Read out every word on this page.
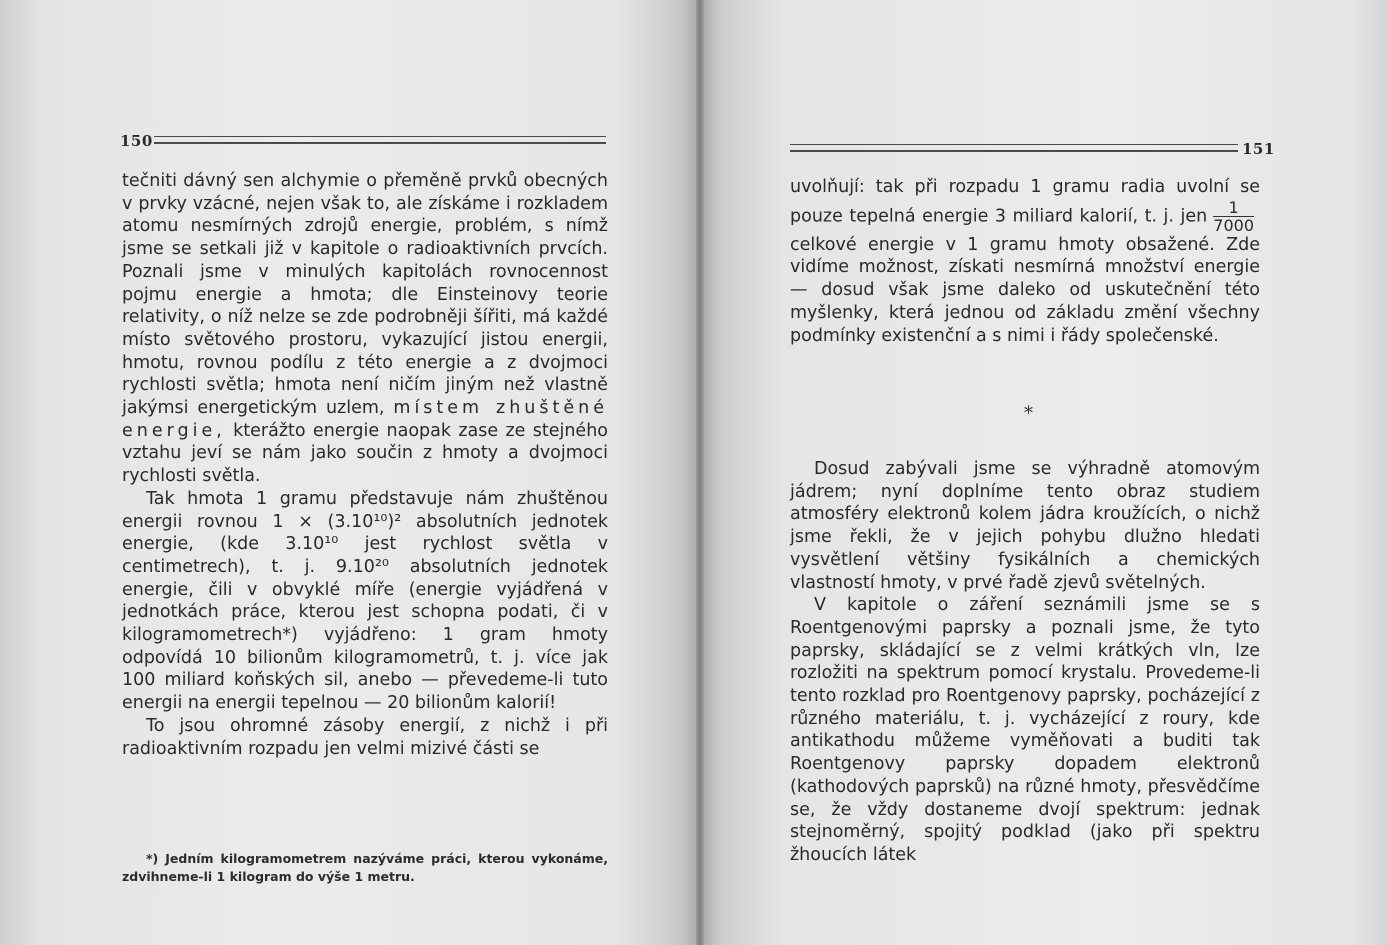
150

tečniti dávný sen alchymie o přeměně prvků obecných v prvky vzácné, nejen však to, ale získáme i rozkladem atomu nesmírných zdrojů energie, problém, s nímž jsme se setkali již v kapitole o radioaktivních prvcích. Poznali jsme v minulých kapitolách rovnocennost pojmu energie a hmota; dle Einsteinovy teorie relativity, o níž nelze se zde podrobněji šířiti, má každé místo světového prostoru, vykazující jistou energii, hmotu, rovnou podílu z této energie a z dvojmoci rychlosti světla; hmota není ničím jiným než vlastně jakýmsi energetickým uzlem, místem zhuštěné energie, kterážto energie naopak zase ze stejného vztahu jeví se nám jako součin z hmoty a dvojmoci rychlosti světla.

Tak hmota 1 gramu představuje nám zhuštěnou energii rovnou 1 × (3.10¹⁰)² absolutních jednotek energie, (kde 3.10¹⁰ jest rychlost světla v centimetrech), t. j. 9.10²⁰ absolutních jednotek energie, čili v obvyklé míře (energie vyjádřená v jednotkách práce, kterou jest schopna podati, či v kilogramometrech*) vyjádřeno: 1 gram hmoty odpovídá 10 bilionům kilogramometrů, t. j. více jak 100 miliard koňských sil, anebo — převedeme-li tuto energii na energii tepelnou — 20 bilionům kalorií!

To jsou ohromné zásoby energií, z nichž i při radioaktivním rozpadu jen velmi mizivé části se

*) Jedním kilogramometrem nazýváme práci, kterou vykonáme, zdvihneme-li 1 kilogram do výše 1 metru.

151

uvolňují: tak při rozpadu 1 gramu radia uvolní se pouze tepelná energie 3 miliard kalorií, t. j. jen $\frac{1}{7000}$
celkové energie v 1 gramu hmoty obsažené. Zde vidíme možnost, získati nesmírná množství energie — dosud však jsme daleko od uskutečnění této myšlenky, která jednou od základu změní všechny podmínky existenční a s nimi i řády společenské.

*

Dosud zabývali jsme se výhradně atomovým jádrem; nyní doplníme tento obraz studiem atmosféry elektronů kolem jádra kroužících, o nichž jsme řekli, že v jejich pohybu dlužno hledati vysvětlení většiny fysikálních a chemických vlastností hmoty, v prvé řadě zjevů světelných.

V kapitole o záření seznámili jsme se s Roentgenovými paprsky a poznali jsme, že tyto paprsky, skládající se z velmi krátkých vln, lze rozložiti na spektrum pomocí krystalu. Provedeme-li tento rozklad pro Roentgenovy paprsky, pocházející z různého materiálu, t. j. vycházející z roury, kde antikathodu můžeme vyměňovati a buditi tak Roentgenovy paprsky dopadem elektronů (kathodových paprsků) na různé hmoty, přesvědčíme se, že vždy dostaneme dvojí spektrum: jednak stejnoměrný, spojitý podklad (jako při spektru žhoucích látek
